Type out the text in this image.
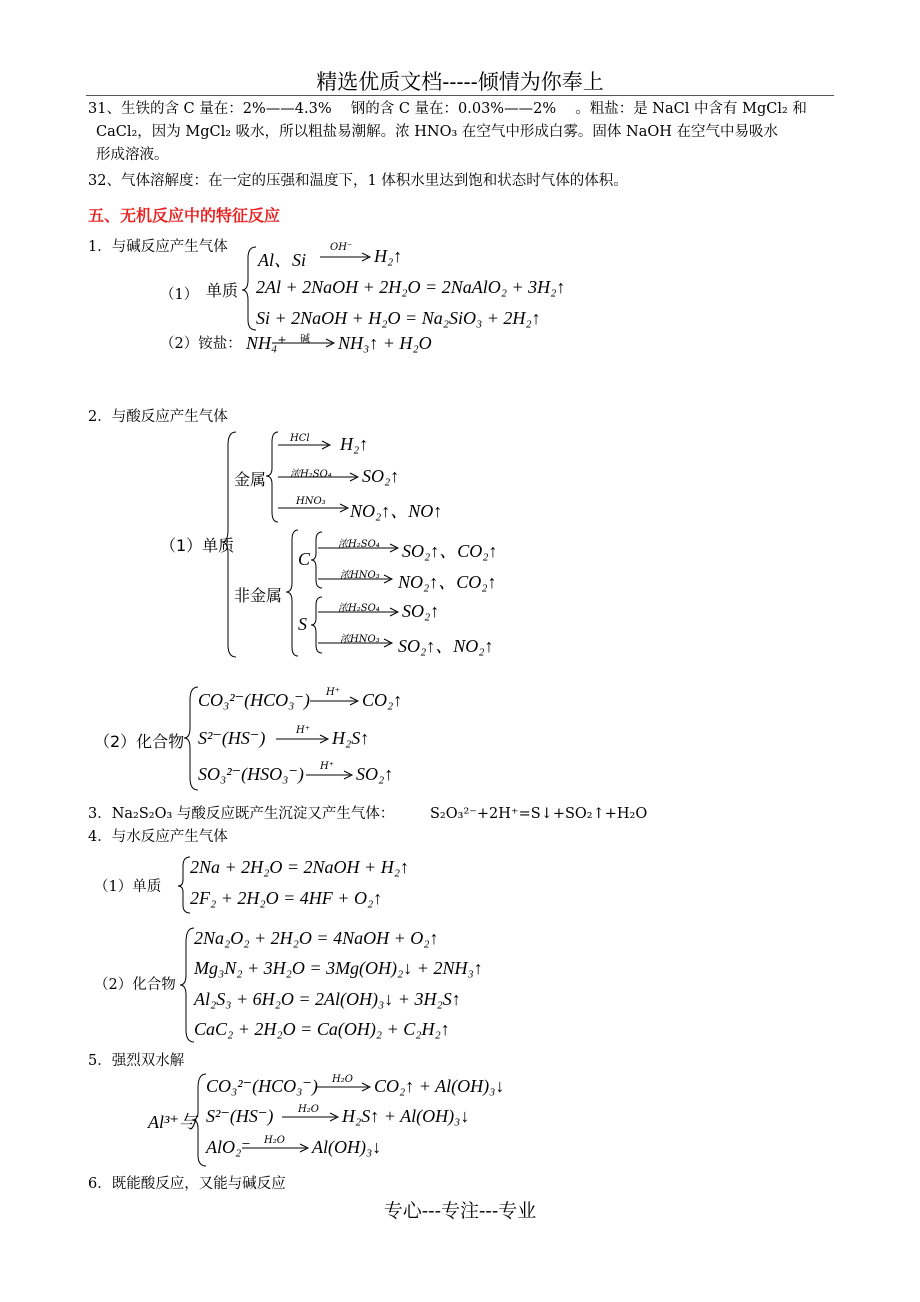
精选优质文档-----倾情为你奉上
31、生铁的含 C 量在：2%——4.3%　 钢的含 C 量在：0.03%——2%　 。粗盐：是 NaCl 中含有 MgCl₂ 和
CaCl₂，因为 MgCl₂ 吸水，所以粗盐易潮解。浓 HNO₃ 在空气中形成白雾。固体 NaOH 在空气中易吸水
形成溶液。
32、气体溶解度：在一定的压强和温度下，1 体积水里达到饱和状态时气体的体积。
五、无机反应中的特征反应
1．与碱反应产生气体
（1） 单质
Al、Si
OH⁻ H₂↑
2Al + 2NaOH + 2H₂O = 2NaAlO₂ + 3H₂↑
Si + 2NaOH + H₂O = Na₂SiO₃ + 2H₂↑
（2）铵盐： NH₄⁺ 碱 NH₃↑ + H₂O
2．与酸反应产生气体
（1）单质
金属
HCl H₂↑
浓H₂SO₄ SO₂↑
HNO₃ NO₂↑、NO↑
非金属
C
浓H₂SO₄ SO₂↑、CO₂↑
浓HNO₃ NO₂↑、CO₂↑
S
浓H₂SO₄ SO₂↑
浓HNO₃ SO₂↑、NO₂↑
（2）化合物
CO₃²⁻(HCO₃⁻) H⁺ CO₂↑
S²⁻(HS⁻)	H⁺ H₂S↑
SO₃²⁻(HSO₃⁻) H⁺ SO₂↑
3．Na₂S₂O₃ 与酸反应既产生沉淀又产生气体： S₂O₃²⁻+2H⁺=S↓+SO₂↑+H₂O
4．与水反应产生气体
（1）单质
2Na + 2H₂O = 2NaOH + H₂↑
2F₂ + 2H₂O = 4HF + O₂↑
（2）化合物
2Na₂O₂ + 2H₂O = 4NaOH + O₂↑
Mg₃N₂ + 3H₂O = 3Mg(OH)₂↓ + 2NH₃↑
Al₂S₃ + 6H₂O = 2Al(OH)₃↓ + 3H₂S↑
CaC₂ + 2H₂O = Ca(OH)₂ + C₂H₂↑
5．强烈双水解
Al³⁺与
CO₃²⁻(HCO₃⁻) H₂O CO₂↑ + Al(OH)₃↓
S²⁻(HS⁻) H₂O H₂S↑ + Al(OH)₃↓
AlO₂⁻ H₂O Al(OH)₃↓
6．既能酸反应，又能与碱反应
专心---专注---专业
